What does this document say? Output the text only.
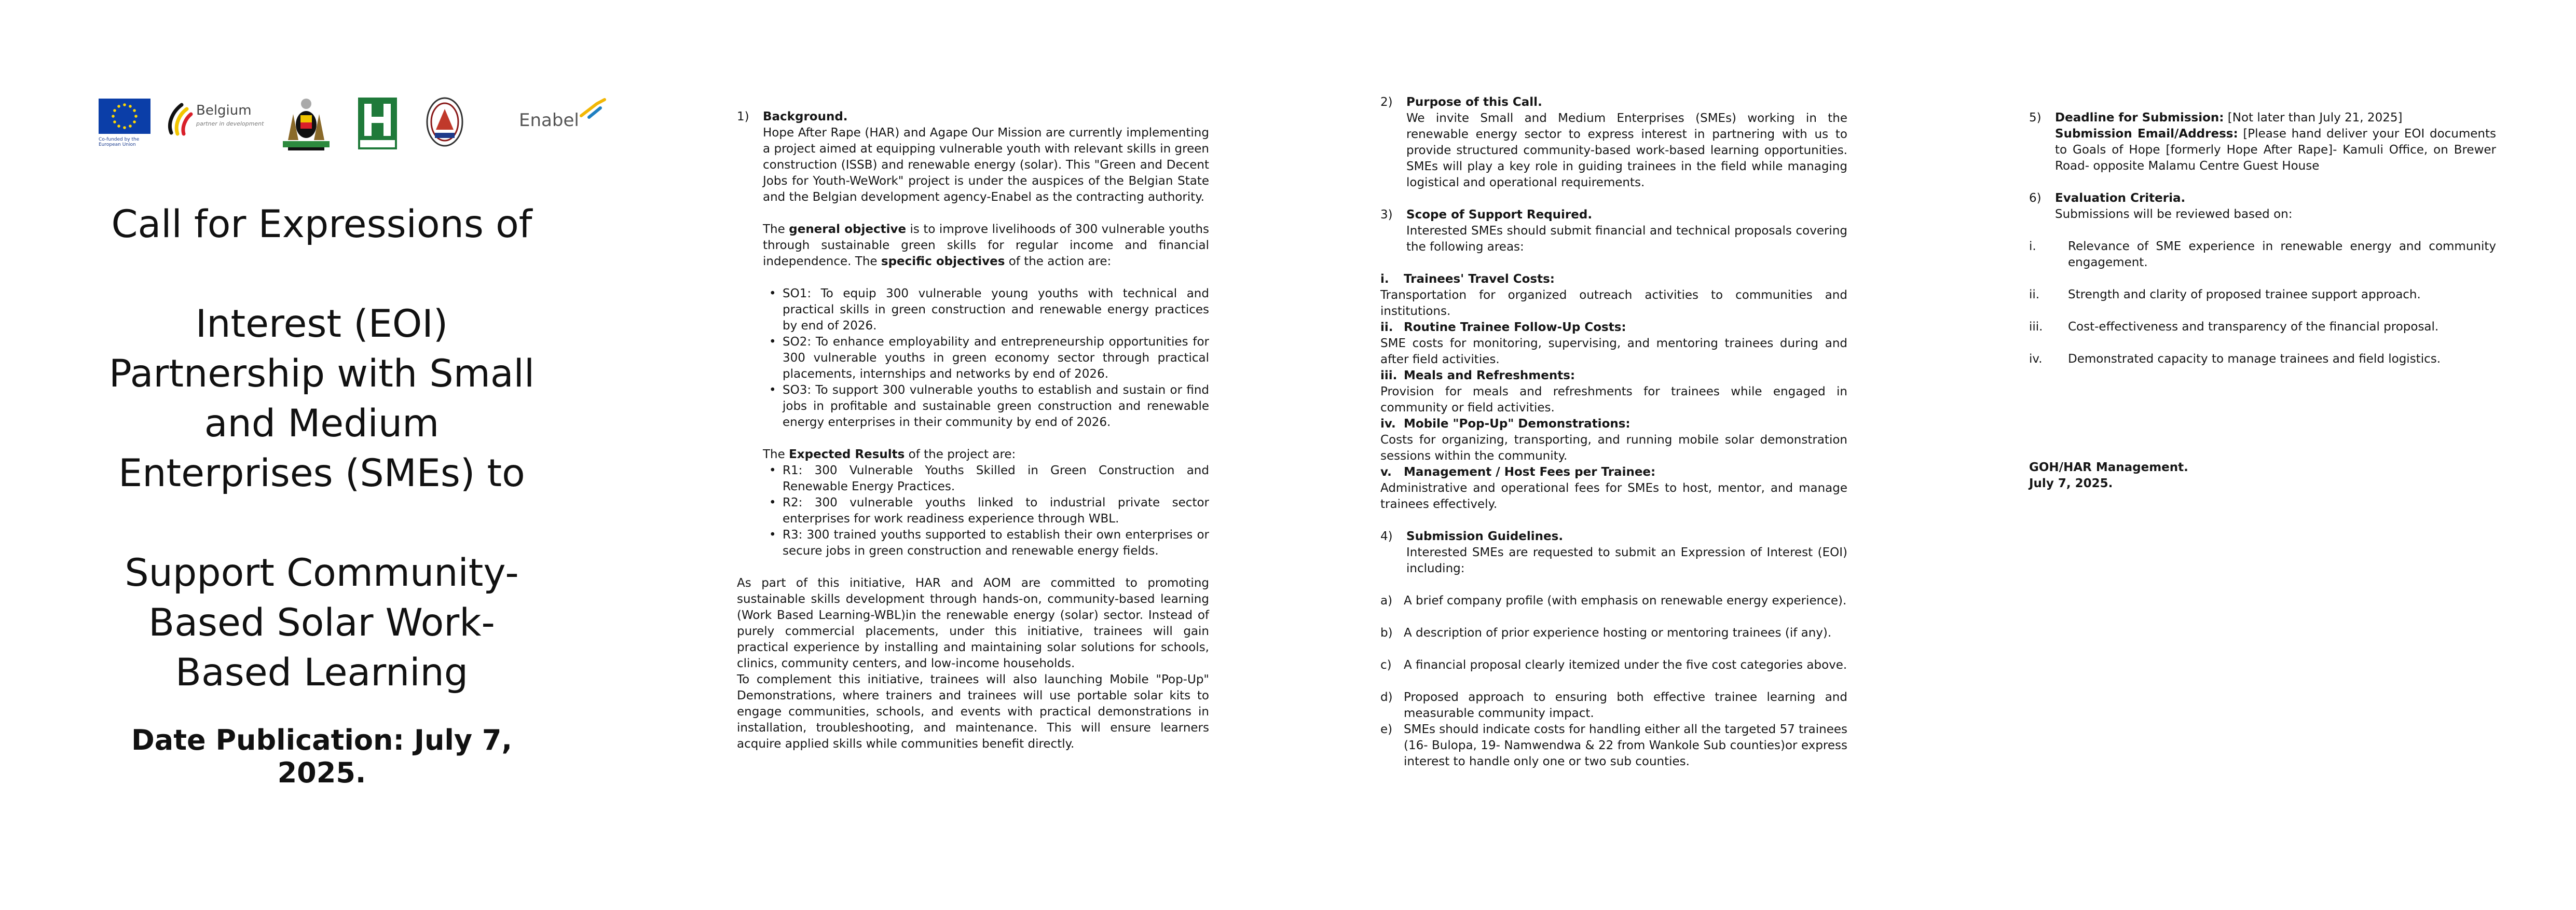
Co-funded by the European Union
Belgium
partner in development	Enabel
Call for Expressions of
Interest (EOI)
Partnership with Small
and Medium
Enterprises (SMEs) to
Support Community-
Based Solar Work-
Based Learning
Date Publication: July 7, 2025.
1) Background.

Hope After Rape (HAR) and Agape Our Mission are currently implementing a project aimed at equipping vulnerable youth with relevant skills in green construction (ISSB) and renewable energy (solar). This "Green and Decent Jobs for Youth-WeWork" project is under the auspices of the Belgian State and the Belgian development agency-Enabel as the contracting authority.

The general objective is to improve livelihoods of 300 vulnerable youths through sustainable green skills for regular income and financial independence. The specific objectives of the action are:

• SO1: To equip 300 vulnerable young youths with technical and practical skills in green construction and renewable energy practices by end of 2026.

• SO2: To enhance employability and entrepreneurship opportunities for 300 vulnerable youths in green economy sector through practical placements, internships and networks by end of 2026.

• SO3: To support 300 vulnerable youths to establish and sustain or find jobs in profitable and sustainable green construction and renewable energy enterprises in their community by end of 2026.

The Expected Results of the project are:

• R1: 300 Vulnerable Youths Skilled in Green Construction and Renewable Energy Practices.

• R2: 300 vulnerable youths linked to industrial private sector enterprises for work readiness experience through WBL.

• R3: 300 trained youths supported to establish their own enterprises or secure jobs in green construction and renewable energy fields.

As part of this initiative, HAR and AOM are committed to promoting sustainable skills development through hands-on, community-based learning (Work Based Learning-WBL)in the renewable energy (solar) sector. Instead of purely commercial placements, under this initiative, trainees will gain practical experience by installing and maintaining solar solutions for schools, clinics, community centers, and low-income households.

To complement this initiative, trainees will also launching Mobile "Pop-Up" Demonstrations, where trainers and trainees will use portable solar kits to engage communities, schools, and events with practical demonstrations in installation, troubleshooting, and maintenance. This will ensure learners acquire applied skills while communities benefit directly.

2) Purpose of this Call.

We invite Small and Medium Enterprises (SMEs) working in the renewable energy sector to express interest in partnering with us to provide structured community-based work-based learning opportunities. SMEs will play a key role in guiding trainees in the field while managing logistical and operational requirements.

3) Scope of Support Required.

Interested SMEs should submit financial and technical proposals covering the following areas:

i. Trainees' Travel Costs:

Transportation for organized outreach activities to communities and institutions.

ii. Routine Trainee Follow-Up Costs:

SME costs for monitoring, supervising, and mentoring trainees during and after field activities.

iii. Meals and Refreshments:

Provision for meals and refreshments for trainees while engaged in community or field activities.

iv. Mobile "Pop-Up" Demonstrations:

Costs for organizing, transporting, and running mobile solar demonstration sessions within the community.

v. Management / Host Fees per Trainee:

Administrative and operational fees for SMEs to host, mentor, and manage trainees effectively.

4) Submission Guidelines.

Interested SMEs are requested to submit an Expression of Interest (EOI) including:

a) A brief company profile (with emphasis on renewable energy experience).

b) A description of prior experience hosting or mentoring trainees (if any).

c) A financial proposal clearly itemized under the five cost categories above.

d) Proposed approach to ensuring both effective trainee learning and measurable community impact.

e) SMEs should indicate costs for handling either all the targeted 57 trainees (16- Bulopa, 19- Namwendwa & 22 from Wankole Sub counties)or express interest to handle only one or two sub counties.

5) Deadline for Submission: [Not later than July 21, 2025]

Submission Email/Address: [Please hand deliver your EOI documents to Goals of Hope [formerly Hope After Rape]- Kamuli Office, on Brewer Road- opposite Malamu Centre Guest House

6) Evaluation Criteria.

Submissions will be reviewed based on:

i.	Relevance of SME experience in renewable energy and community engagement.

ii. Strength and clarity of proposed trainee support approach.

iii. Cost-effectiveness and transparency of the financial proposal.

iv. Demonstrated capacity to manage trainees and field logistics.

GOH/HAR Management.

July 7, 2025.
